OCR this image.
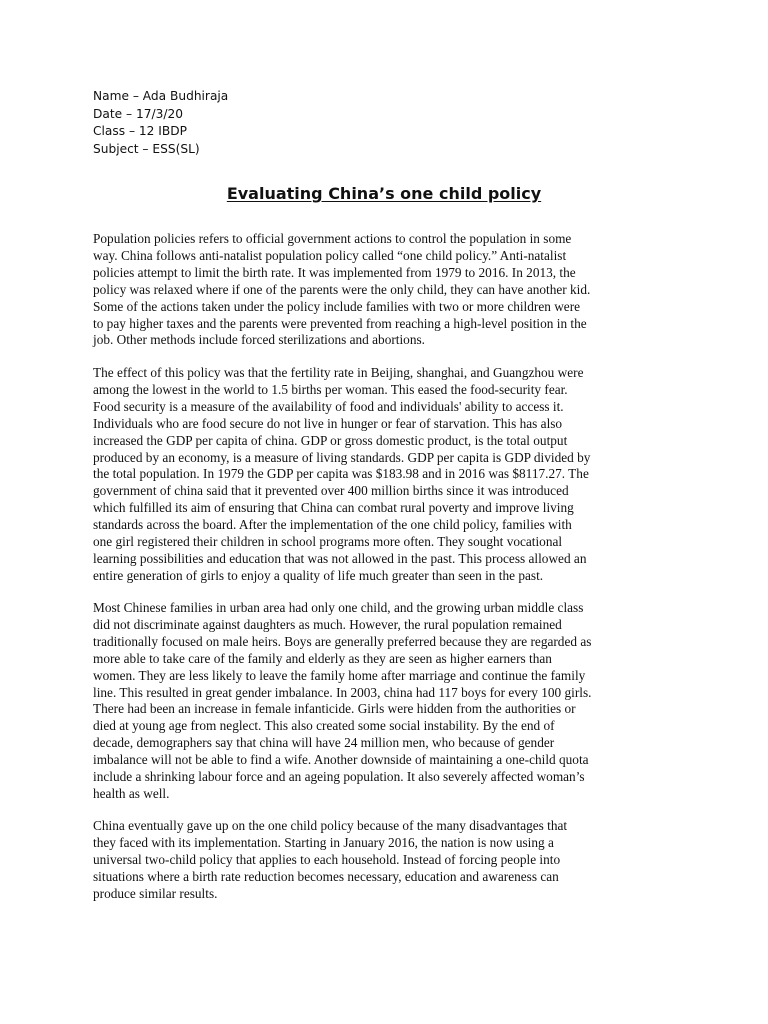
Name – Ada Budhiraja
Date – 17/3/20
Class – 12 IBDP
Subject – ESS(SL)
Evaluating China’s one child policy
Population policies refers to official government actions to control the population in some
way. China follows anti-natalist population policy called “one child policy.” Anti-natalist
policies attempt to limit the birth rate. It was implemented from 1979 to 2016. In 2013, the
policy was relaxed where if one of the parents were the only child, they can have another kid.
Some of the actions taken under the policy include families with two or more children were
to pay higher taxes and the parents were prevented from reaching a high-level position in the
job. Other methods include forced sterilizations and abortions.
The effect of this policy was that the fertility rate in Beijing, shanghai, and Guangzhou were
among the lowest in the world to 1.5 births per woman. This eased the food-security fear.
Food security is a measure of the availability of food and individuals' ability to access it.
Individuals who are food secure do not live in hunger or fear of starvation. This has also
increased the GDP per capita of china. GDP or gross domestic product, is the total output
produced by an economy, is a measure of living standards. GDP per capita is GDP divided by
the total population. In 1979 the GDP per capita was $183.98 and in 2016 was $8117.27. The
government of china said that it prevented over 400 million births since it was introduced
which fulfilled its aim of ensuring that China can combat rural poverty and improve living
standards across the board. After the implementation of the one child policy, families with
one girl registered their children in school programs more often. They sought vocational
learning possibilities and education that was not allowed in the past. This process allowed an
entire generation of girls to enjoy a quality of life much greater than seen in the past.
Most Chinese families in urban area had only one child, and the growing urban middle class
did not discriminate against daughters as much. However, the rural population remained
traditionally focused on male heirs. Boys are generally preferred because they are regarded as
more able to take care of the family and elderly as they are seen as higher earners than
women. They are less likely to leave the family home after marriage and continue the family
line. This resulted in great gender imbalance. In 2003, china had 117 boys for every 100 girls.
There had been an increase in female infanticide. Girls were hidden from the authorities or
died at young age from neglect. This also created some social instability. By the end of
decade, demographers say that china will have 24 million men, who because of gender
imbalance will not be able to find a wife. Another downside of maintaining a one-child quota
include a shrinking labour force and an ageing population. It also severely affected woman’s
health as well.
China eventually gave up on the one child policy because of the many disadvantages that
they faced with its implementation. Starting in January 2016, the nation is now using a
universal two-child policy that applies to each household. Instead of forcing people into
situations where a birth rate reduction becomes necessary, education and awareness can
produce similar results.
